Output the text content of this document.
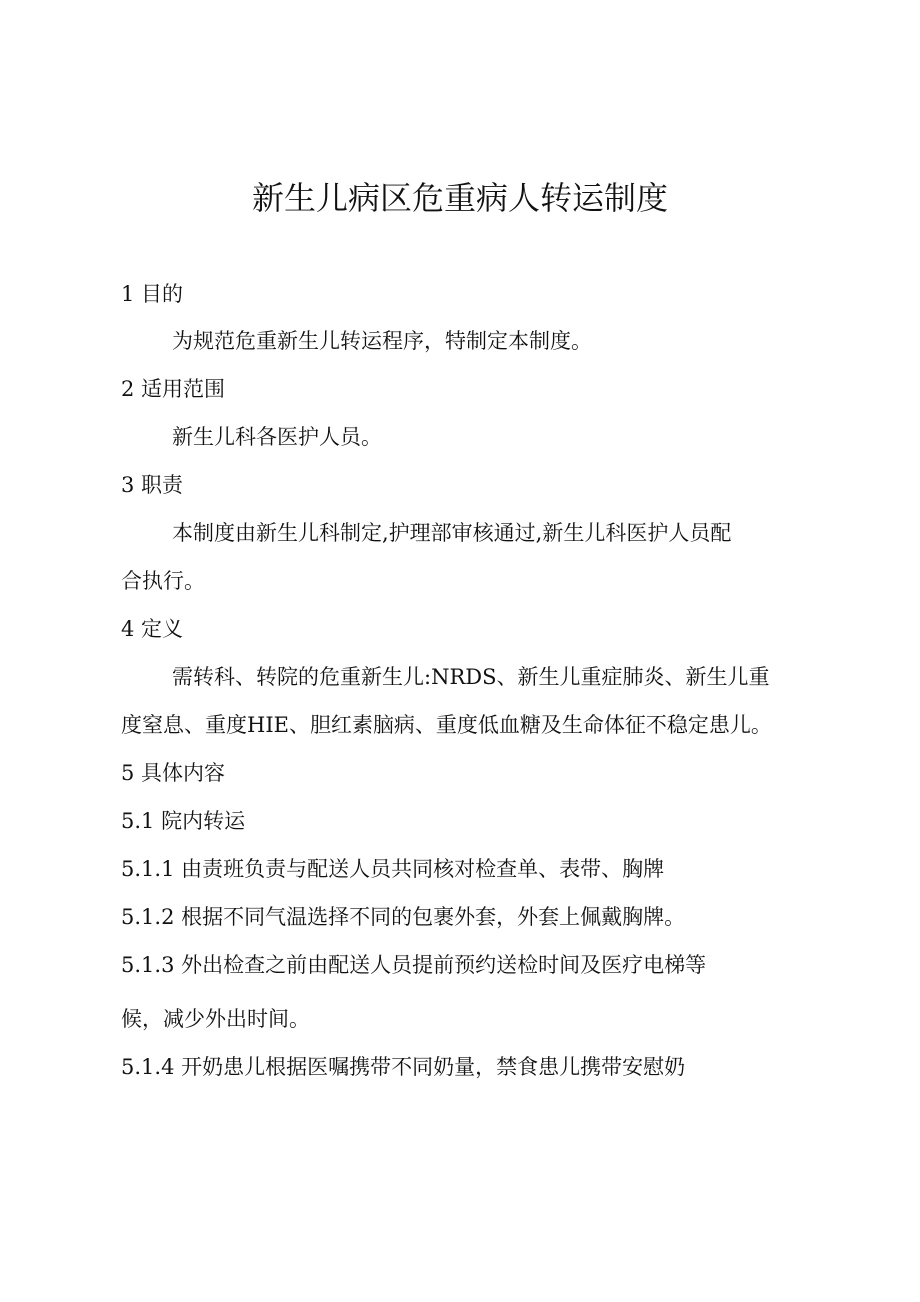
新生儿病区危重病人转运制度
1 目的
为规范危重新生儿转运程序，特制定本制度。
2 适用范围
新生儿科各医护人员。
3 职责
本制度由新生儿科制定,护理部审核通过,新生儿科医护人员配
合执行。
4 定义
需转科、转院的危重新生儿:NRDS、新生儿重症肺炎、新生儿重
度窒息、重度HIE、胆红素脑病、重度低血糖及生命体征不稳定患儿。
5 具体内容
5.1 院内转运
5.1.1 由责班负责与配送人员共同核对检查单、表带、胸牌
5.1.2 根据不同气温选择不同的包裹外套，外套上佩戴胸牌。
5.1.3 外出检查之前由配送人员提前预约送检时间及医疗电梯等
候，减少外出时间。
5.1.4 开奶患儿根据医嘱携带不同奶量，禁食患儿携带安慰奶
